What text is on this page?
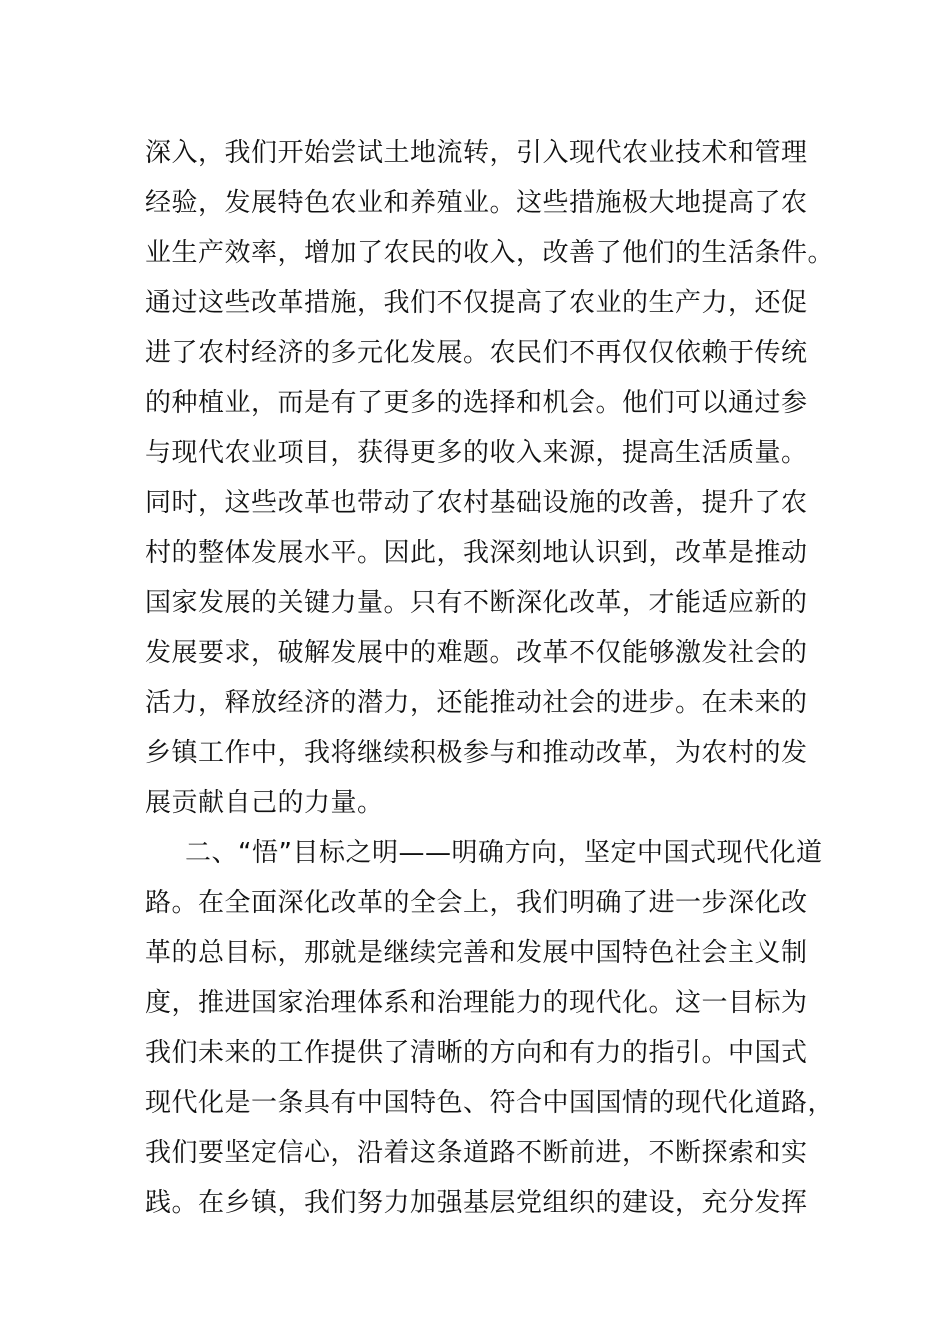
深入，我们开始尝试土地流转，引入现代农业技术和管理
经验，发展特色农业和养殖业。这些措施极大地提高了农
业生产效率，增加了农民的收入，改善了他们的生活条件。
通过这些改革措施，我们不仅提高了农业的生产力，还促
进了农村经济的多元化发展。农民们不再仅仅依赖于传统
的种植业，而是有了更多的选择和机会。他们可以通过参
与现代农业项目，获得更多的收入来源，提高生活质量。
同时，这些改革也带动了农村基础设施的改善，提升了农
村的整体发展水平。因此，我深刻地认识到，改革是推动
国家发展的关键力量。只有不断深化改革，才能适应新的
发展要求，破解发展中的难题。改革不仅能够激发社会的
活力，释放经济的潜力，还能推动社会的进步。在未来的
乡镇工作中，我将继续积极参与和推动改革，为农村的发
展贡献自己的力量。
二、“悟”目标之明——明确方向，坚定中国式现代化道
路。在全面深化改革的全会上，我们明确了进一步深化改
革的总目标，那就是继续完善和发展中国特色社会主义制
度，推进国家治理体系和治理能力的现代化。这一目标为
我们未来的工作提供了清晰的方向和有力的指引。中国式
现代化是一条具有中国特色、符合中国国情的现代化道路，
我们要坚定信心，沿着这条道路不断前进，不断探索和实
践。在乡镇，我们努力加强基层党组织的建设，充分发挥
